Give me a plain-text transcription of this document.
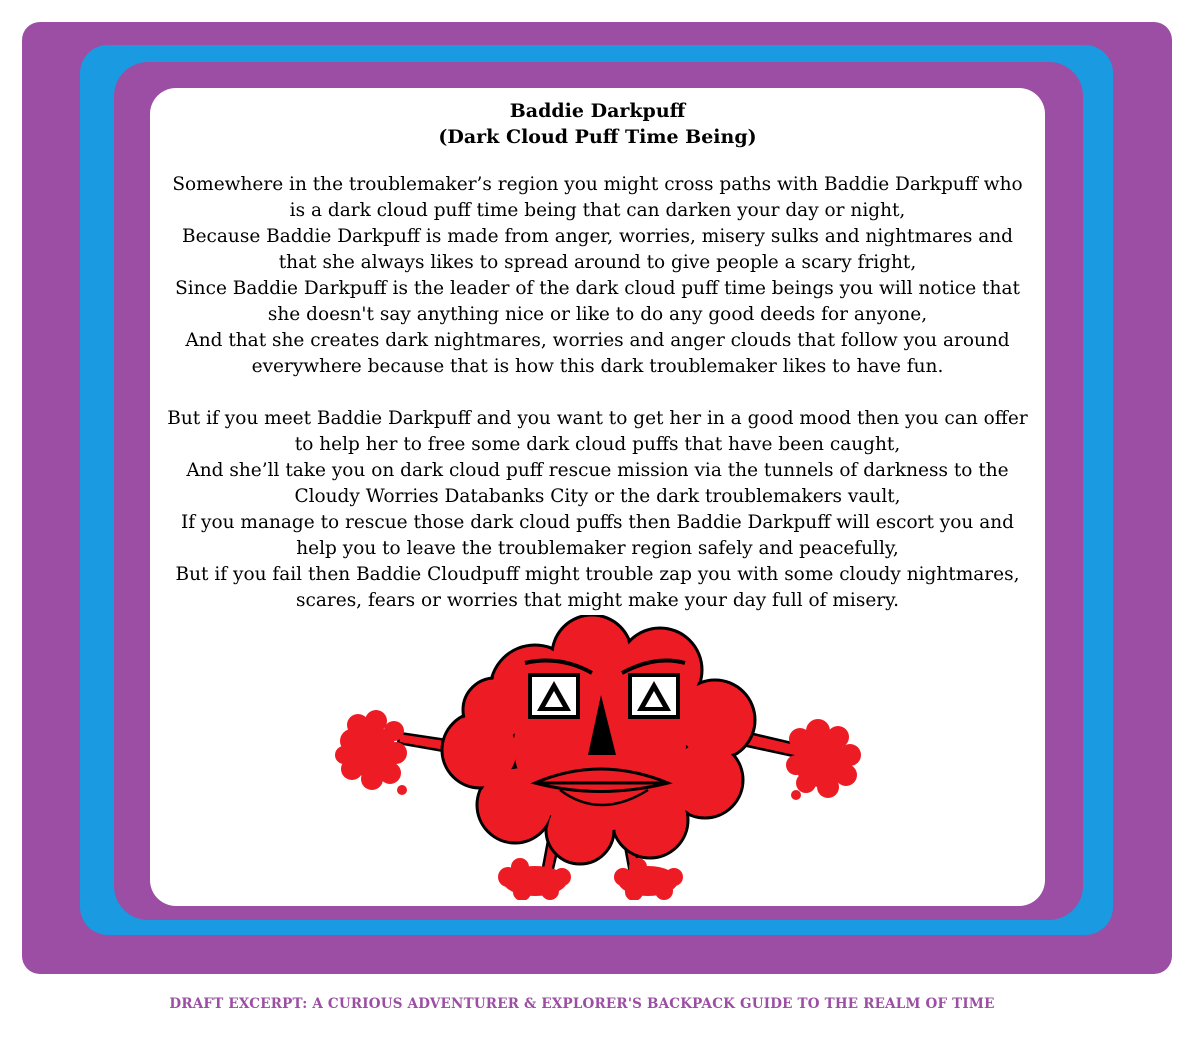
Baddie Darkpuff
(Dark Cloud Puff Time Being)

Somewhere in the troublemaker’s region you might cross paths with Baddie Darkpuff who is a dark cloud puff time being that can darken your day or night,
Because Baddie Darkpuff is made from anger, worries, misery sulks and nightmares and that she always likes to spread around to give people a scary fright,
Since Baddie Darkpuff is the leader of the dark cloud puff time beings you will notice that she doesn't say anything nice or like to do any good deeds for anyone,
And that she creates dark nightmares, worries and anger clouds that follow you around everywhere because that is how this dark troublemaker likes to have fun.

But if you meet Baddie Darkpuff and you want to get her in a good mood then you can offer to help her to free some dark cloud puffs that have been caught,
And she’ll take you on dark cloud puff rescue mission via the tunnels of darkness to the Cloudy Worries Databanks City or the dark troublemakers vault,
If you manage to rescue those dark cloud puffs then Baddie Darkpuff will escort you and help you to leave the troublemaker region safely and peacefully,
But if you fail then Baddie Cloudpuff might trouble zap you with some cloudy nightmares, scares, fears or worries that might make your day full of misery.

DRAFT EXCERPT: A CURIOUS ADVENTURER & EXPLORER'S BACKPACK GUIDE TO THE REALM OF TIME
